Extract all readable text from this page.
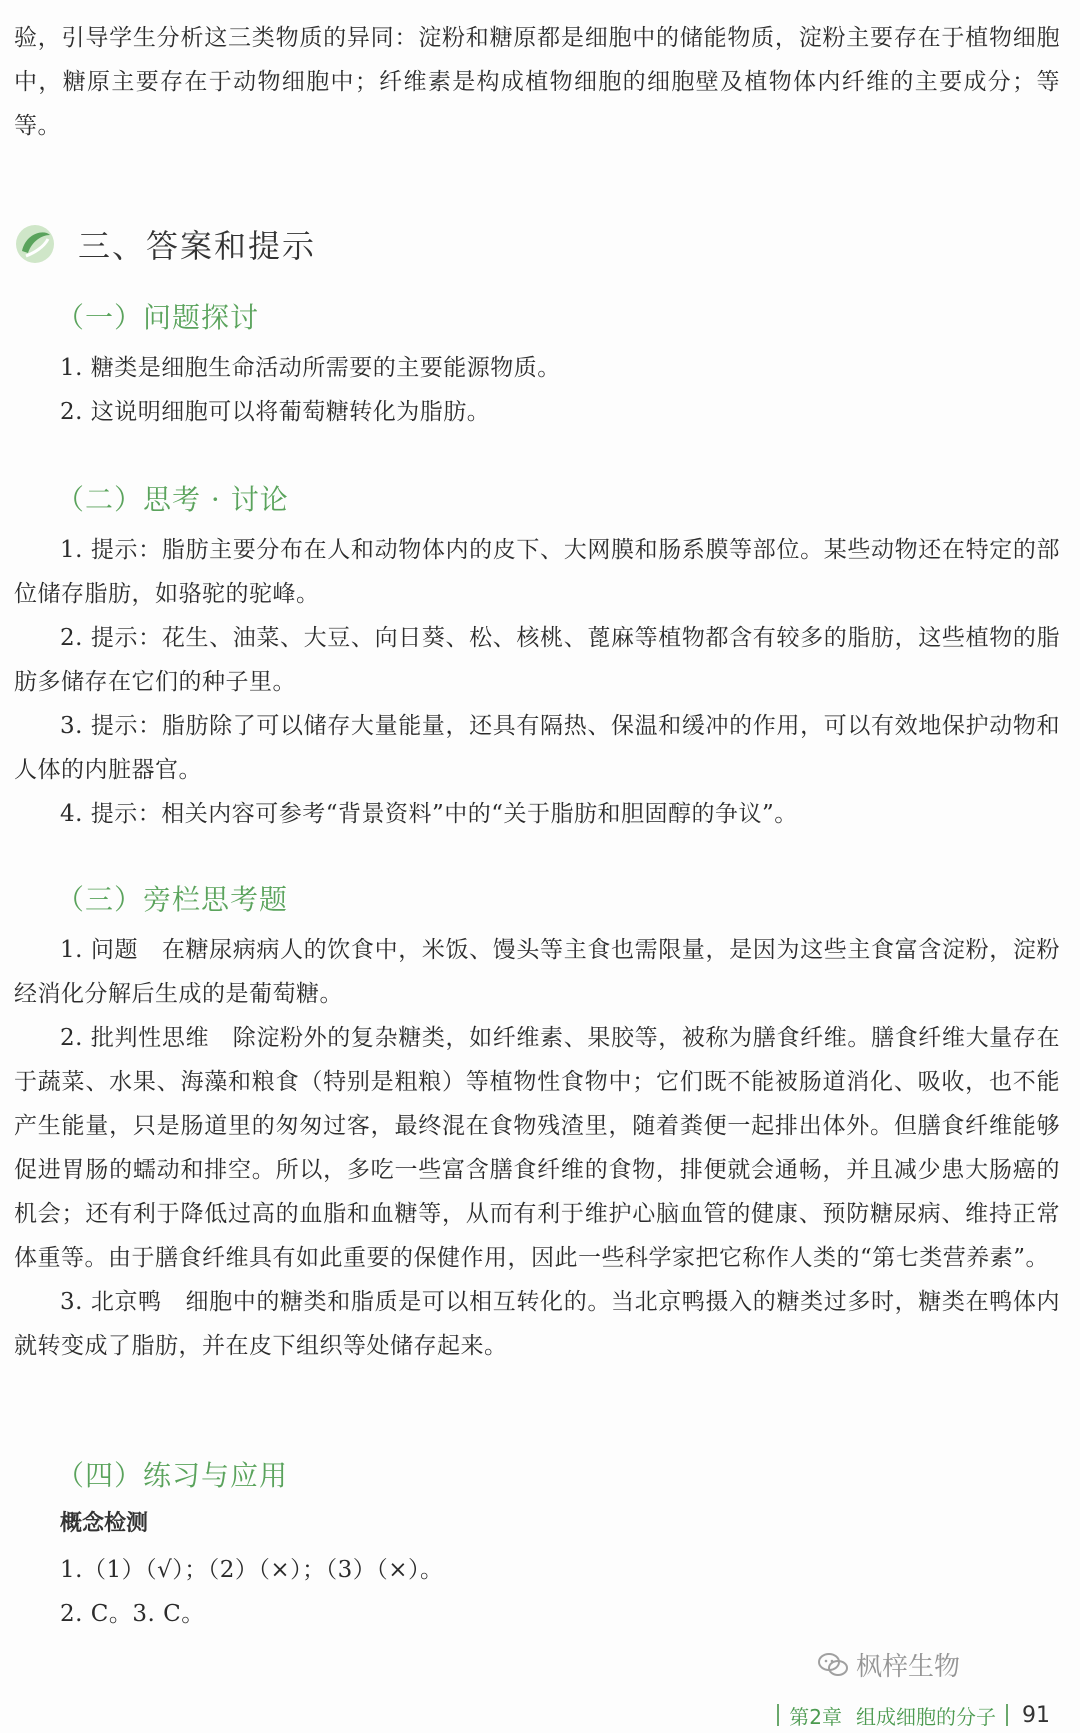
验，引导学生分析这三类物质的异同：淀粉和糖原都是细胞中的储能物质，淀粉主要存在于植物细胞中，糖原主要存在于动物细胞中；纤维素是构成植物细胞的细胞壁及植物体内纤维的主要成分；等等。

三、答案和提示
（一）问题探讨

1. 糖类是细胞生命活动所需要的主要能源物质。

2. 这说明细胞可以将葡萄糖转化为脂肪。

（二）思考 · 讨论

1. 提示：脂肪主要分布在人和动物体内的皮下、大网膜和肠系膜等部位。某些动物还在特定的部位储存脂肪，如骆驼的驼峰。

2. 提示：花生、油菜、大豆、向日葵、松、核桃、蓖麻等植物都含有较多的脂肪，这些植物的脂肪多储存在它们的种子里。

3. 提示：脂肪除了可以储存大量能量，还具有隔热、保温和缓冲的作用，可以有效地保护动物和人体的内脏器官。

4. 提示：相关内容可参考“背景资料”中的“关于脂肪和胆固醇的争议”。

（三）旁栏思考题

1. 问题　在糖尿病病人的饮食中，米饭、馒头等主食也需限量，是因为这些主食富含淀粉，淀粉经消化分解后生成的是葡萄糖。

2. 批判性思维　除淀粉外的复杂糖类，如纤维素、果胶等，被称为膳食纤维。膳食纤维大量存在于蔬菜、水果、海藻和粮食（特别是粗粮）等植物性食物中；它们既不能被肠道消化、吸收，也不能产生能量，只是肠道里的匆匆过客，最终混在食物残渣里，随着粪便一起排出体外。但膳食纤维能够促进胃肠的蠕动和排空。所以，多吃一些富含膳食纤维的食物，排便就会通畅，并且减少患大肠癌的机会；还有利于降低过高的血脂和血糖等，从而有利于维护心脑血管的健康、预防糖尿病、维持正常体重等。由于膳食纤维具有如此重要的保健作用，因此一些科学家把它称作人类的“第七类营养素”。

3. 北京鸭　细胞中的糖类和脂质是可以相互转化的。当北京鸭摄入的糖类过多时，糖类在鸭体内就转变成了脂肪，并在皮下组织等处储存起来。

（四）练习与应用
概念检测

1.（1）（√）；（2）（×）；（3）（×）。

2. C。3. C。

枫梓生物
第2章 组成细胞的分子 91
